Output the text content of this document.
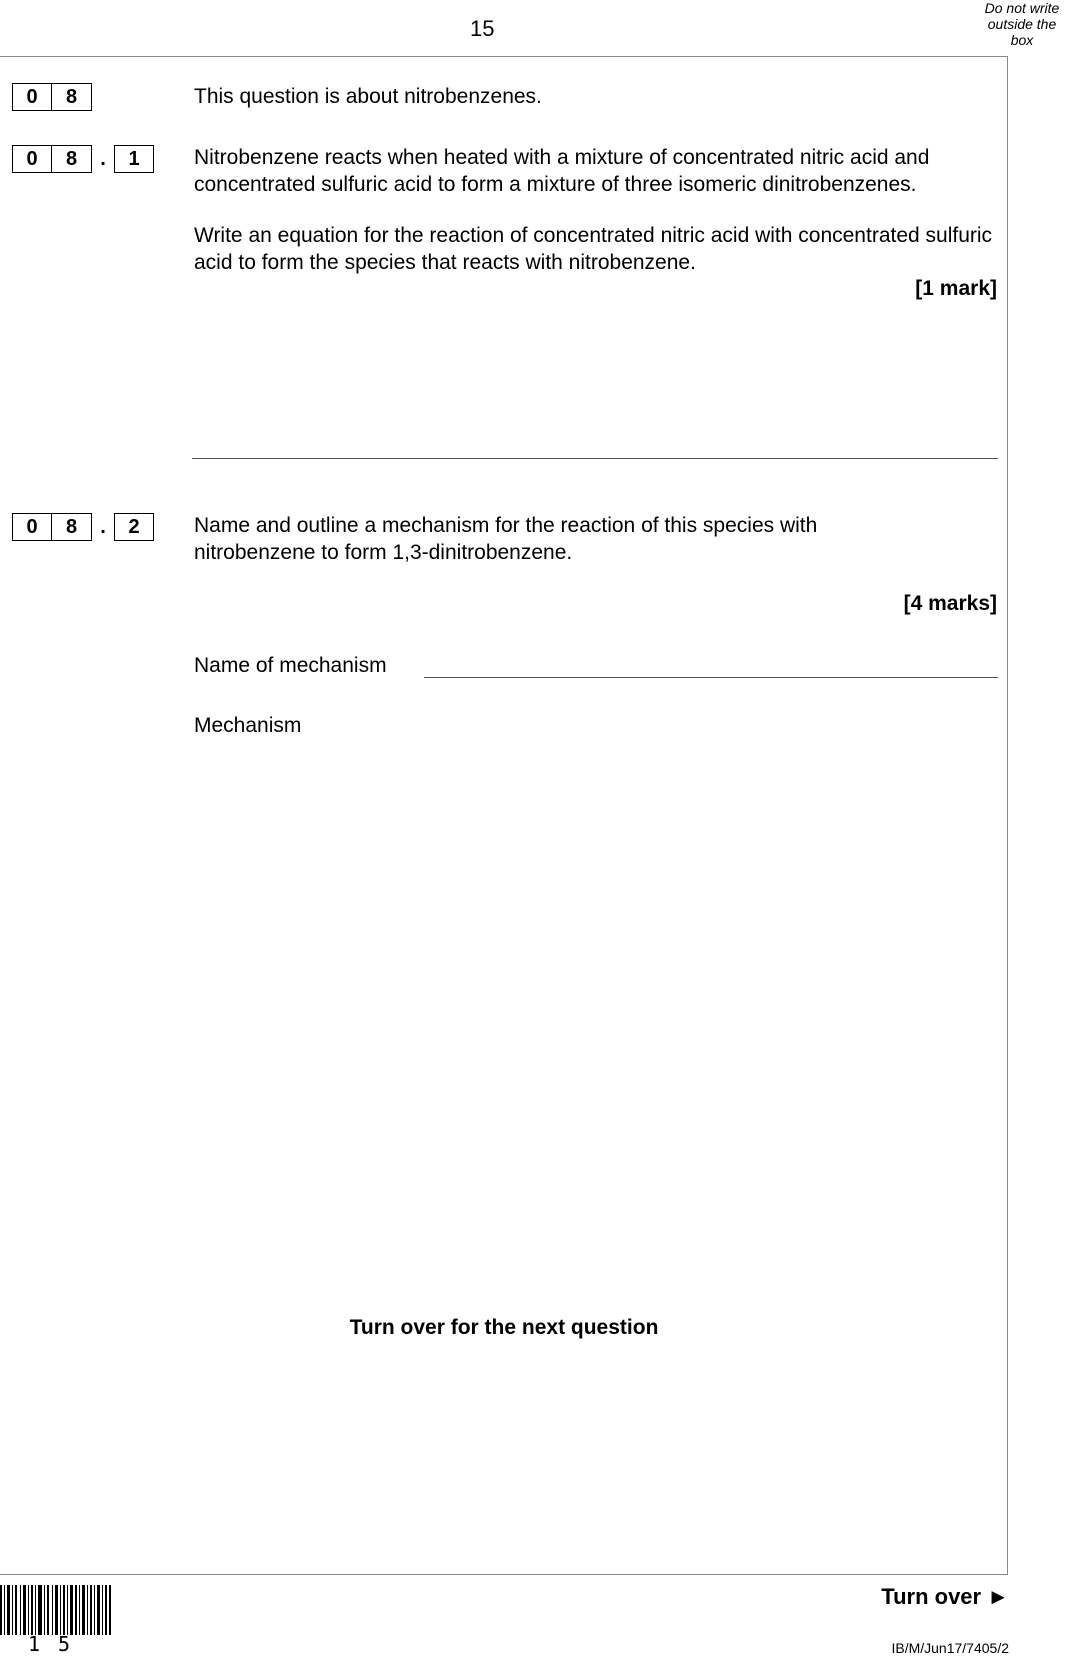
15
Do not write
outside the
box
0	8	This question is about nitrobenzenes.
0	8	.	1	Nitrobenzene reacts when heated with a mixture of concentrated nitric acid and concentrated sulfuric acid to form a mixture of three isomeric dinitrobenzenes.
Write an equation for the reaction of concentrated nitric acid with concentrated sulfuric acid to form the species that reacts with nitrobenzene.
[1 mark]
0	8	.	2	Name and outline a mechanism for the reaction of this species with nitrobenzene to form 1,3-dinitrobenzene.
[4 marks]
Name of mechanism
Mechanism
Turn over for the next question
15
Turn over ►
IB/M/Jun17/7405/2
